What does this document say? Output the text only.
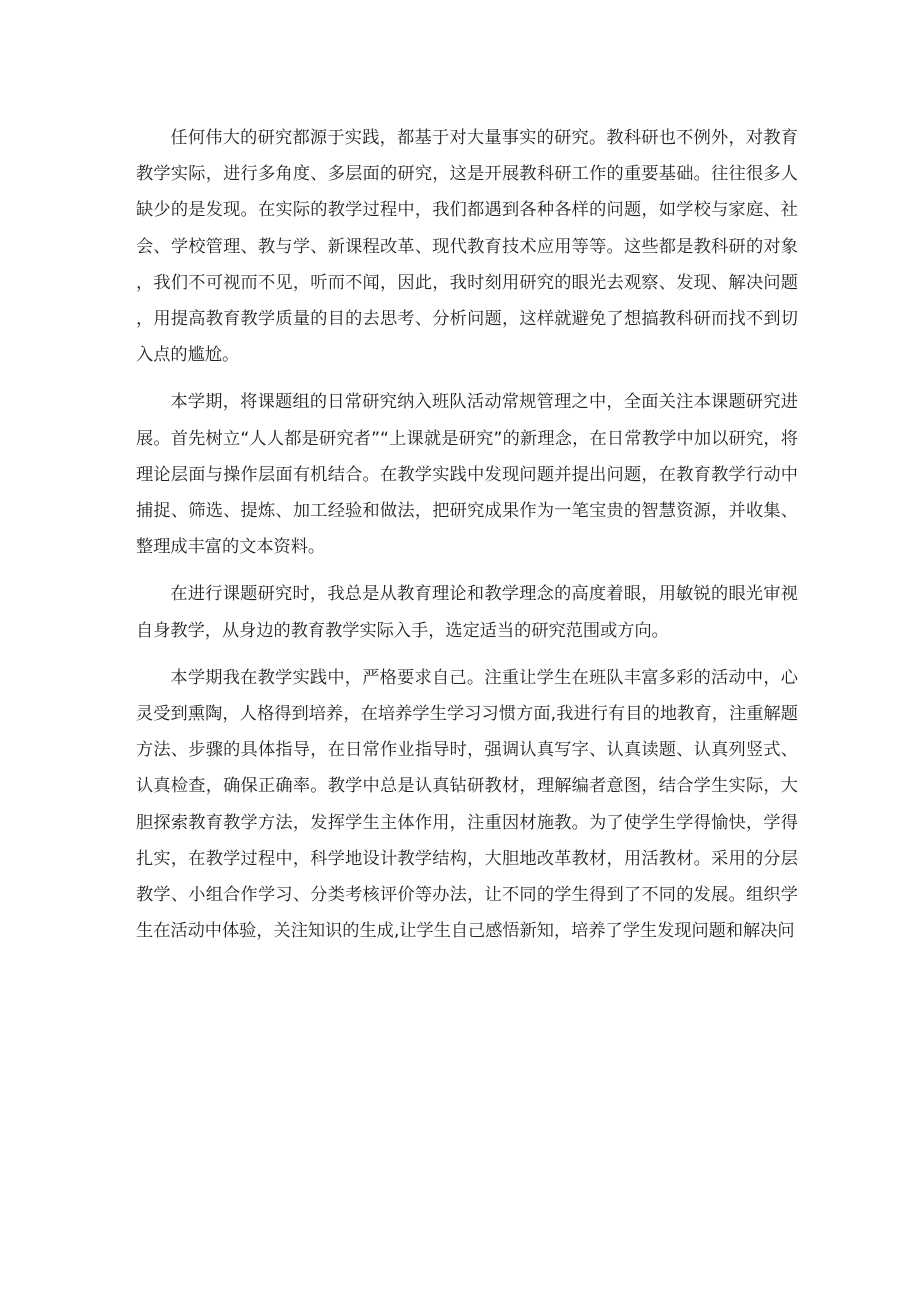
任何伟大的研究都源于实践，都基于对大量事实的研究。教科研也不例外，对教育教学实际，进行多角度、多层面的研究，这是开展教科研工作的重要基础。往往很多人缺少的是发现。在实际的教学过程中，我们都遇到各种各样的问题，如学校与家庭、社会、学校管理、教与学、新课程改革、现代教育技术应用等等。这些都是教科研的对象，我们不可视而不见，听而不闻，因此，我时刻用研究的眼光去观察、发现、解决问题，用提高教育教学质量的目的去思考、分析问题，这样就避免了想搞教科研而找不到切入点的尴尬。

本学期，将课题组的日常研究纳入班队活动常规管理之中，全面关注本课题研究进展。首先树立“人人都是研究者”“上课就是研究”的新理念，在日常教学中加以研究，将理论层面与操作层面有机结合。在教学实践中发现问题并提出问题，在教育教学行动中捕捉、筛选、提炼、加工经验和做法，把研究成果作为一笔宝贵的智慧资源，并收集、整理成丰富的文本资料。

在进行课题研究时，我总是从教育理论和教学理念的高度着眼，用敏锐的眼光审视自身教学，从身边的教育教学实际入手，选定适当的研究范围或方向。

本学期我在教学实践中，严格要求自己。注重让学生在班队丰富多彩的活动中，心灵受到熏陶，人格得到培养，在培养学生学习习惯方面,我进行有目的地教育，注重解题方法、步骤的具体指导，在日常作业指导时，强调认真写字、认真读题、认真列竖式、认真检查，确保正确率。教学中总是认真钻研教材，理解编者意图，结合学生实际，大胆探索教育教学方法，发挥学生主体作用，注重因材施教。为了使学生学得愉快，学得扎实，在教学过程中，科学地设计教学结构，大胆地改革教材，用活教材。采用的分层教学、小组合作学习、分类考核评价等办法，让不同的学生得到了不同的发展。组织学生在活动中体验，关注知识的生成,让学生自己感悟新知，培养了学生发现问题和解决问
